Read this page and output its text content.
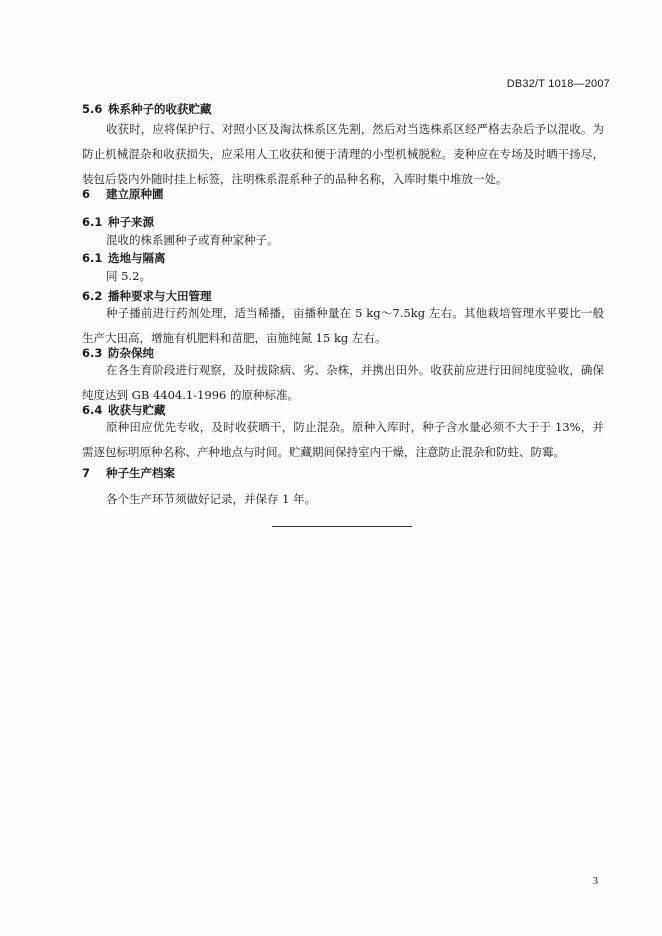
DB32/T 1018—2007
5.6 株系种子的收获贮藏
收获时，应将保护行、对照小区及淘汰株系区先割，然后对当选株系区经严格去杂后予以混收。为防止机械混杂和收获损失，应采用人工收获和便于清理的小型机械脱粒。麦种应在专场及时晒干扬尽，装包后袋内外随时挂上标签，注明株系混系种子的品种名称，入库时集中堆放一处。
6 建立原种圃
6.1 种子来源
混收的株系圃种子或育种家种子。
6.1 选地与隔离
同 5.2。
6.2 播种要求与大田管理
种子播前进行药剂处理，适当稀播，亩播种量在 5 kg～7.5kg 左右。其他栽培管理水平要比一般生产大田高，增施有机肥料和苗肥，亩施纯氮 15 kg 左右。
6.3 防杂保纯
在各生育阶段进行观察，及时拔除病、劣、杂株，并携出田外。收获前应进行田间纯度验收，确保纯度达到 GB 4404.1-1996 的原种标准。
6.4 收获与贮藏
原种田应优先专收，及时收获晒干，防止混杂。原种入库时，种子含水量必须不大于于 13%，并需逐包标明原种名称、产种地点与时间。贮藏期间保持室内干燥，注意防止混杂和防蛀、防霉。
7 种子生产档案
各个生产环节须做好记录，并保存 1 年。
3
